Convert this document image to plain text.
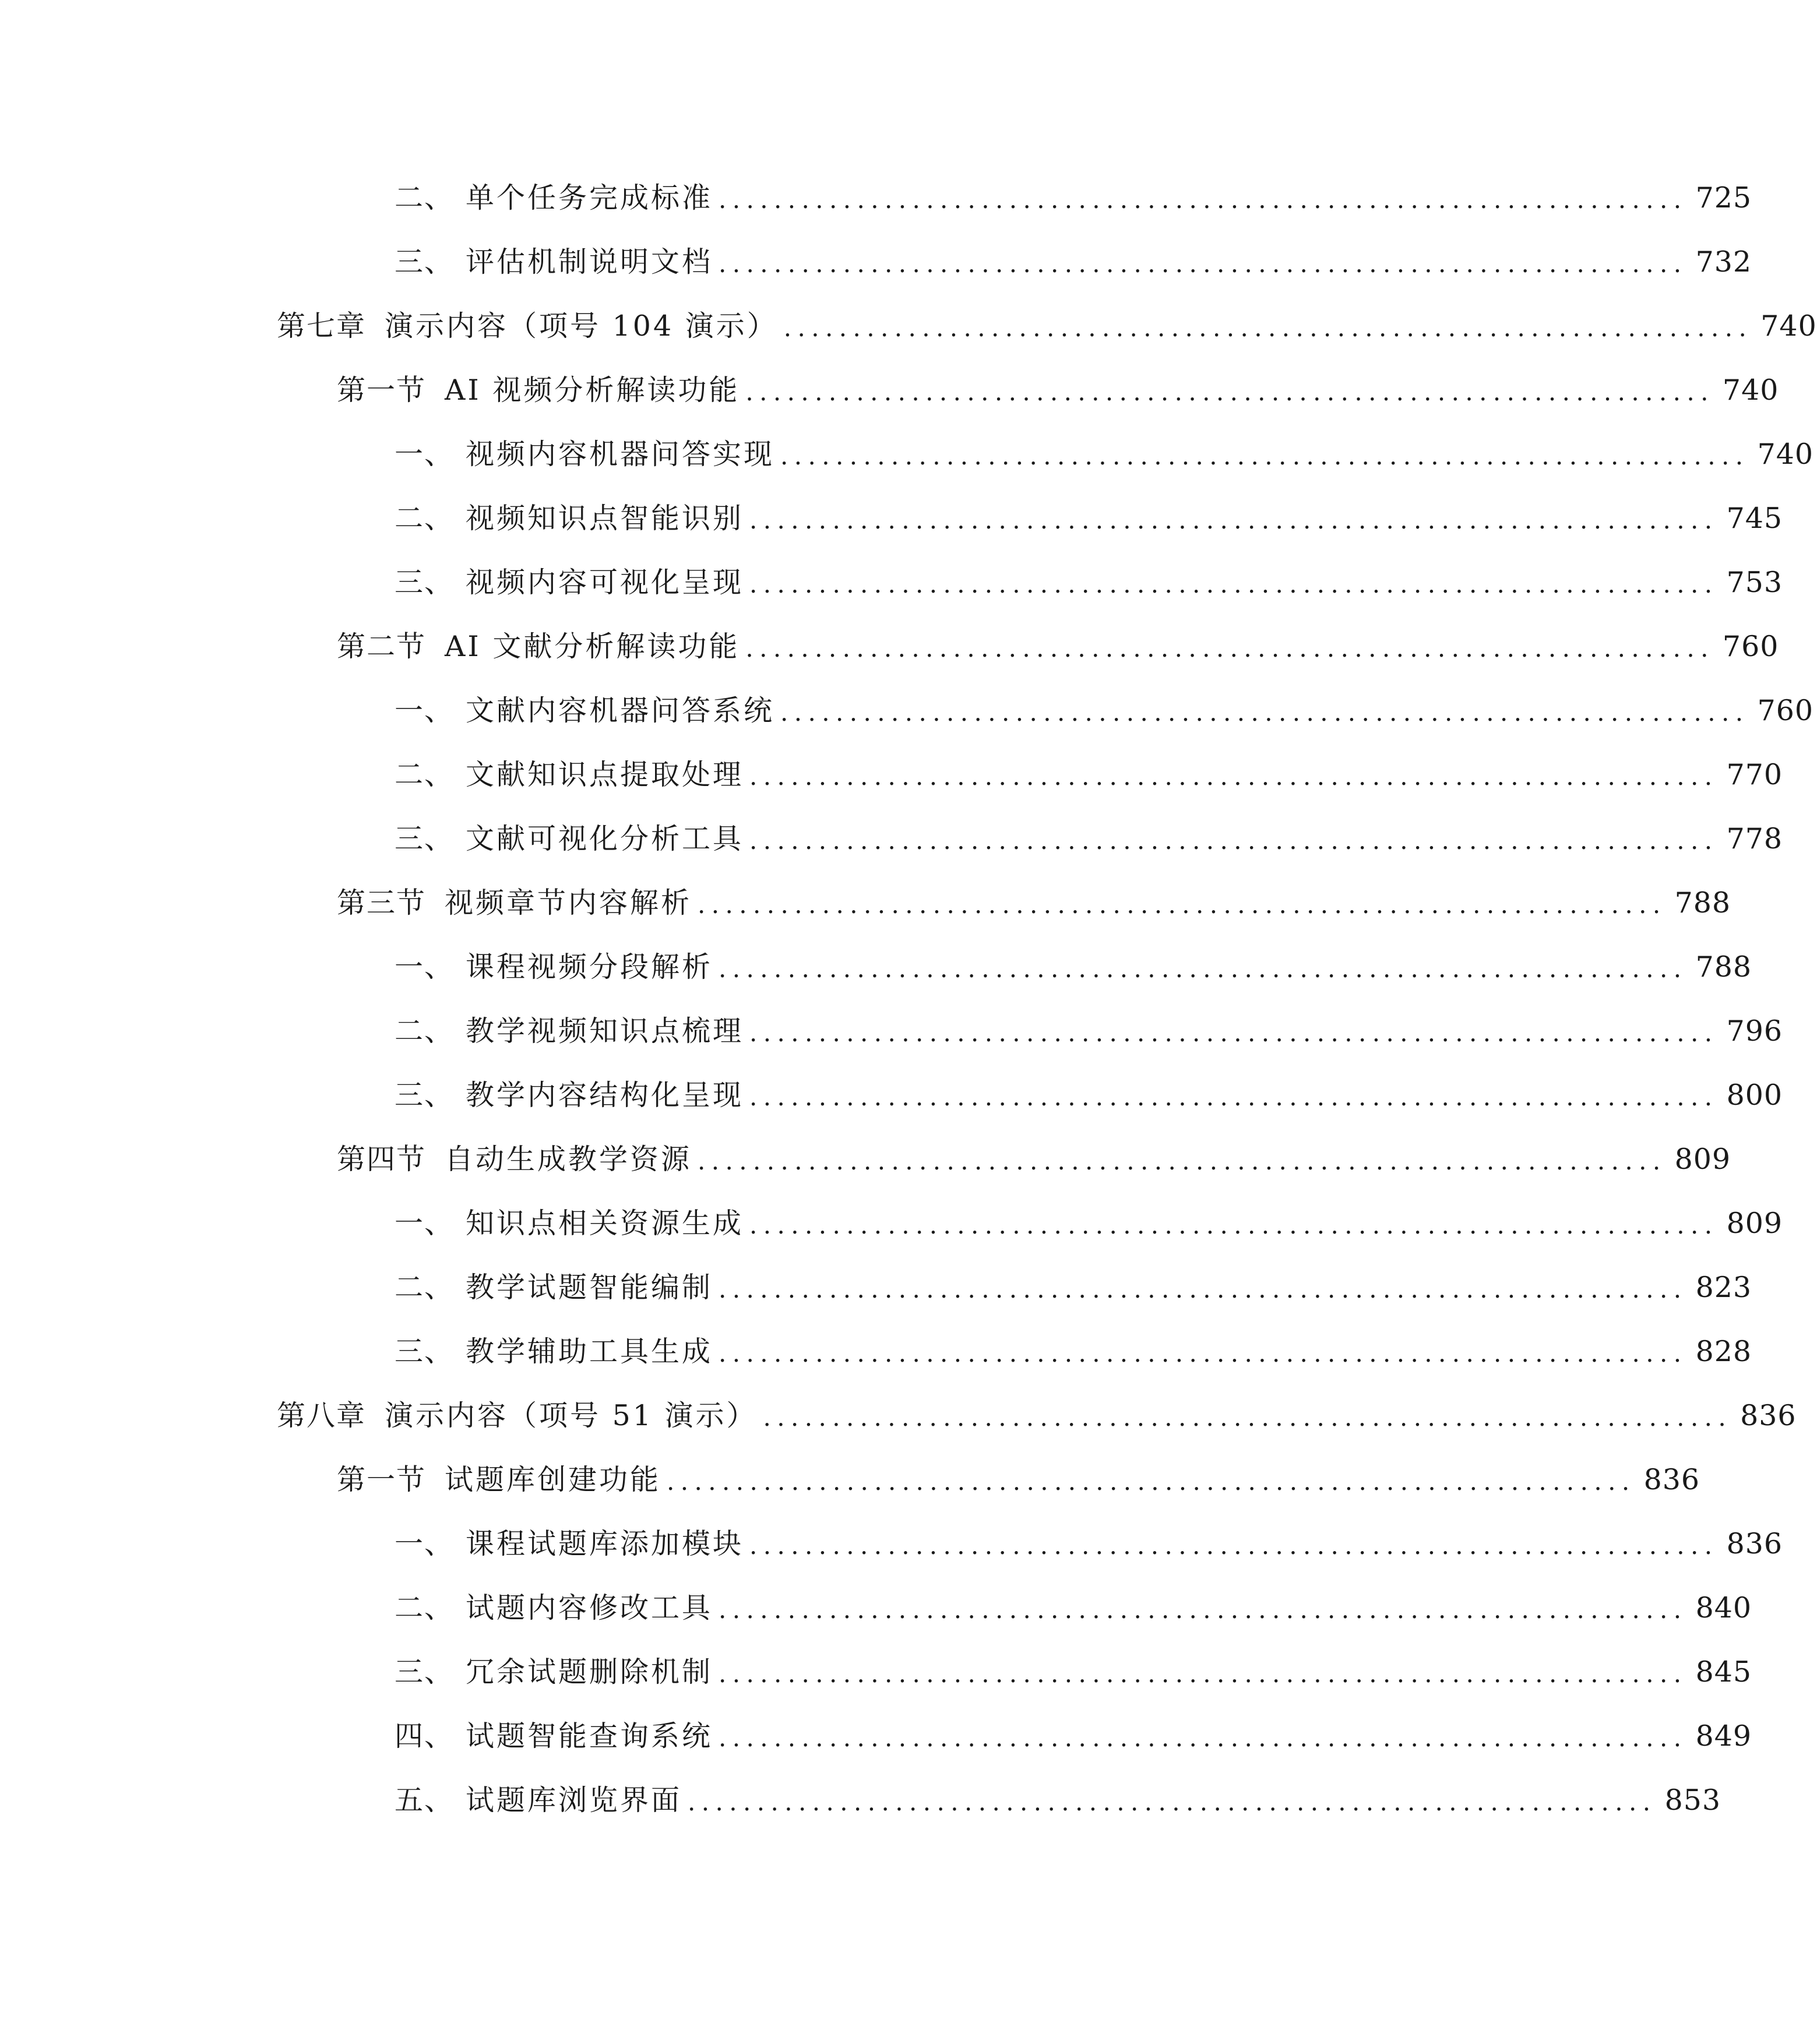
二、 单个任务完成标准 ...................................................................... 725
三、 评估机制说明文档 ...................................................................... 732
第七章 演示内容（项号 104 演示） ...................................................................... 740
第一节 AI 视频分析解读功能 ...................................................................... 740
一、 视频内容机器问答实现 ...................................................................... 740
二、 视频知识点智能识别 ...................................................................... 745
三、 视频内容可视化呈现 ...................................................................... 753
第二节 AI 文献分析解读功能 ...................................................................... 760
一、 文献内容机器问答系统 ...................................................................... 760
二、 文献知识点提取处理 ...................................................................... 770
三、 文献可视化分析工具 ...................................................................... 778
第三节 视频章节内容解析 ...................................................................... 788
一、 课程视频分段解析 ...................................................................... 788
二、 教学视频知识点梳理 ...................................................................... 796
三、 教学内容结构化呈现 ...................................................................... 800
第四节 自动生成教学资源 ...................................................................... 809
一、 知识点相关资源生成 ...................................................................... 809
二、 教学试题智能编制 ...................................................................... 823
三、 教学辅助工具生成 ...................................................................... 828
第八章 演示内容（项号 51 演示） ...................................................................... 836
第一节 试题库创建功能 ...................................................................... 836
一、 课程试题库添加模块 ...................................................................... 836
二、 试题内容修改工具 ...................................................................... 840
三、 冗余试题删除机制 ...................................................................... 845
四、 试题智能查询系统 ...................................................................... 849
五、 试题库浏览界面 ...................................................................... 853
